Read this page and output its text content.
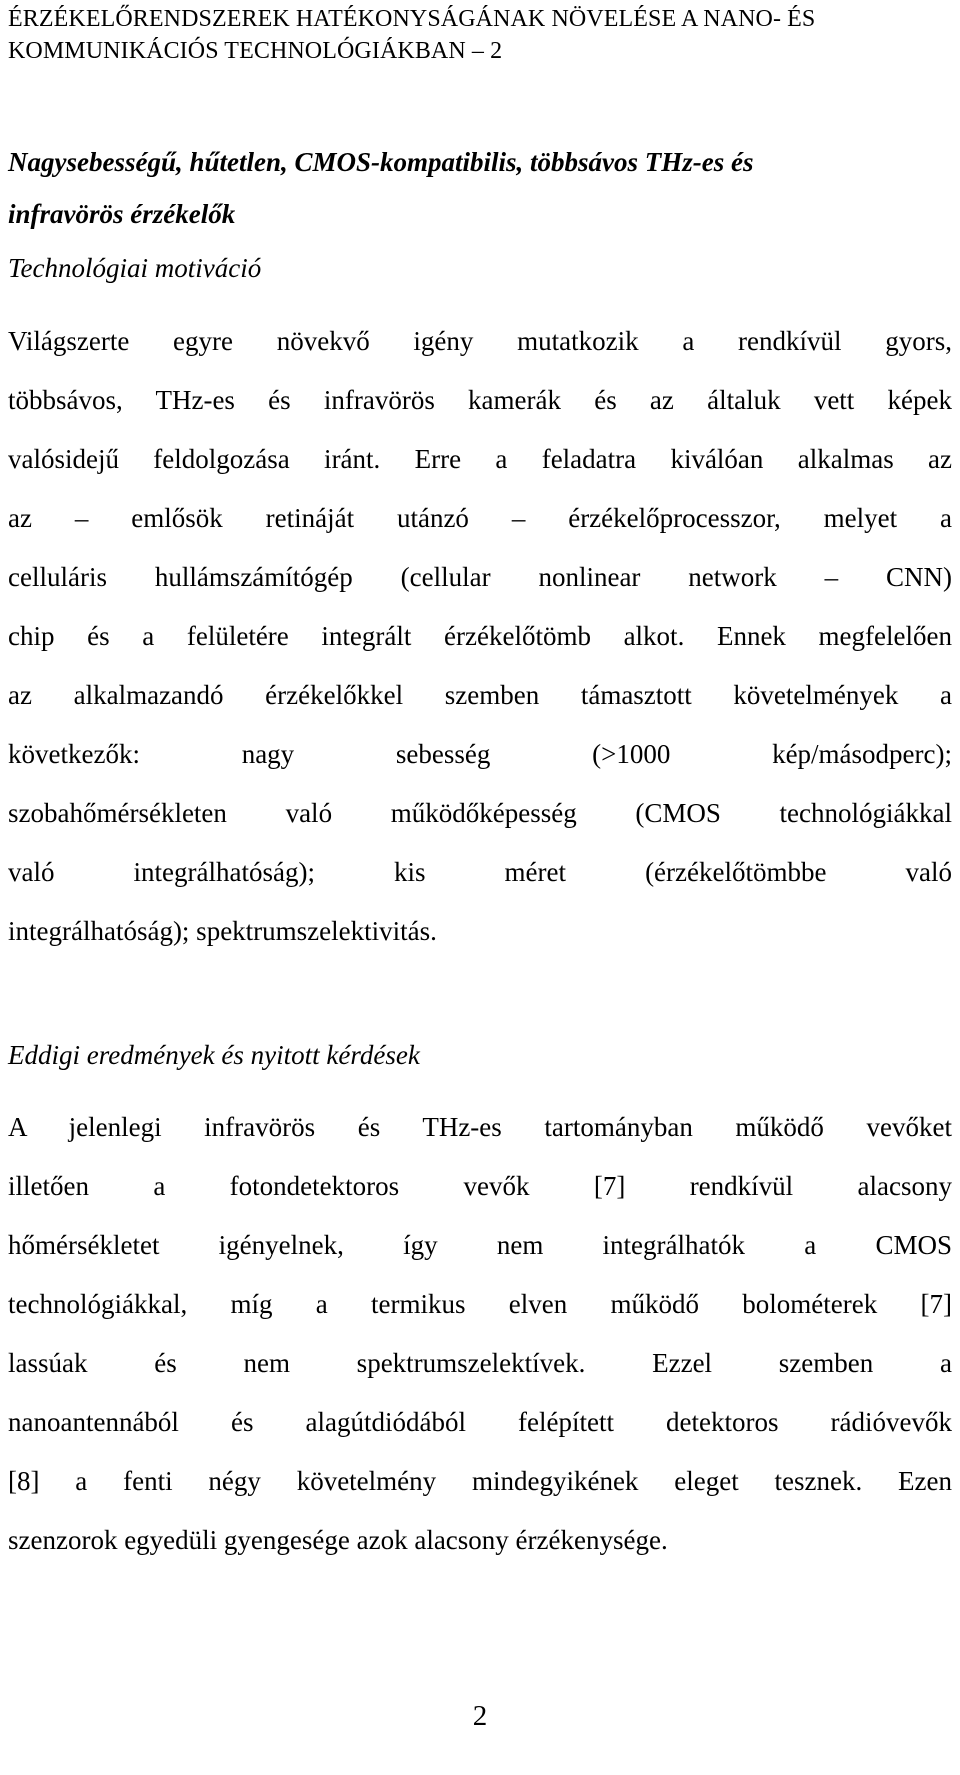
ÉRZÉKELŐRENDSZEREK HATÉKONYSÁGÁNAK NÖVELÉSE A NANO- ÉS
KOMMUNIKÁCIÓS TECHNOLÓGIÁKBAN – 2
Nagysebességű, hűtetlen, CMOS-kompatibilis, többsávos THz-es és
infravörös érzékelők
Technológiai motiváció
Világszerte egyre növekvő igény mutatkozik a rendkívül gyors,
többsávos, THz-es és infravörös kamerák és az általuk vett képek
valósidejű feldolgozása iránt. Erre a feladatra kiválóan alkalmas az
az – emlősök retináját utánzó – érzékelőprocesszor, melyet a
celluláris hullámszámítógép (cellular nonlinear network – CNN)
chip és a felületére integrált érzékelőtömb alkot. Ennek megfelelően
az alkalmazandó érzékelőkkel szemben támasztott követelmények a
következők: nagy sebesség (>1000 kép/másodperc);
szobahőmérsékleten való működőképesség (CMOS technológiákkal
való integrálhatóság); kis méret (érzékelőtömbbe való
integrálhatóság); spektrumszelektivitás.
Eddigi eredmények és nyitott kérdések
A jelenlegi infravörös és THz-es tartományban működő vevőket
illetően a fotondetektoros vevők [7] rendkívül alacsony
hőmérsékletet igényelnek, így nem integrálhatók a CMOS
technológiákkal, míg a termikus elven működő bolométerek [7]
lassúak és nem spektrumszelektívek. Ezzel szemben a
nanoantennából és alagútdiódából felépített detektoros rádióvevők
[8] a fenti négy követelmény mindegyikének eleget tesznek. Ezen
szenzorok egyedüli gyengesége azok alacsony érzékenysége.
2
